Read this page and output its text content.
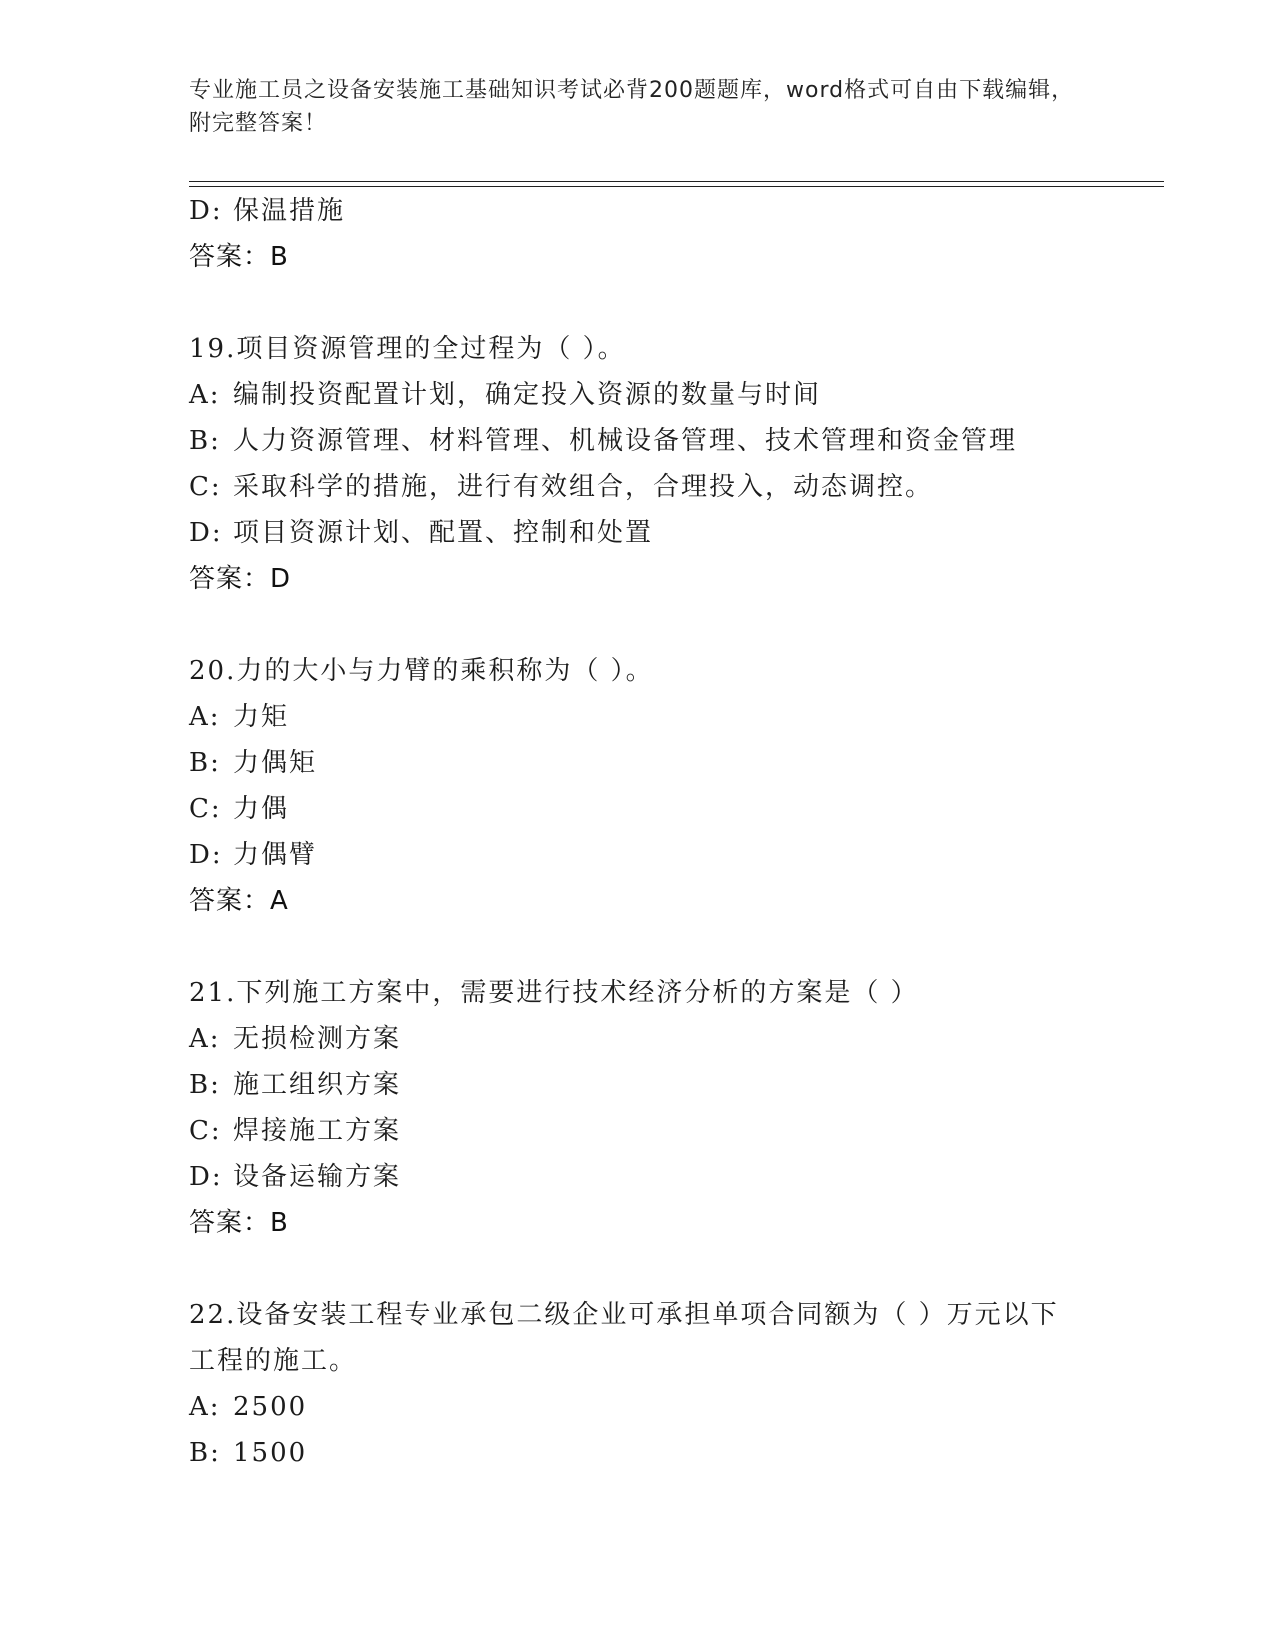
专业施工员之设备安装施工基础知识考试必背200题题库，word格式可自由下载编辑，附完整答案！
D: 保温措施
答案：B
19.项目资源管理的全过程为（ ）。
A: 编制投资配置计划，确定投入资源的数量与时间
B: 人力资源管理、材料管理、机械设备管理、技术管理和资金管理
C: 采取科学的措施，进行有效组合，合理投入，动态调控。
D: 项目资源计划、配置、控制和处置
答案：D
20.力的大小与力臂的乘积称为（ ）。
A: 力矩
B: 力偶矩
C: 力偶
D: 力偶臂
答案：A
21.下列施工方案中，需要进行技术经济分析的方案是（ ）
A: 无损检测方案
B: 施工组织方案
C: 焊接施工方案
D: 设备运输方案
答案：B
22.设备安装工程专业承包二级企业可承担单项合同额为（ ）万元以下工程的施工。
A: 2500
B: 1500
